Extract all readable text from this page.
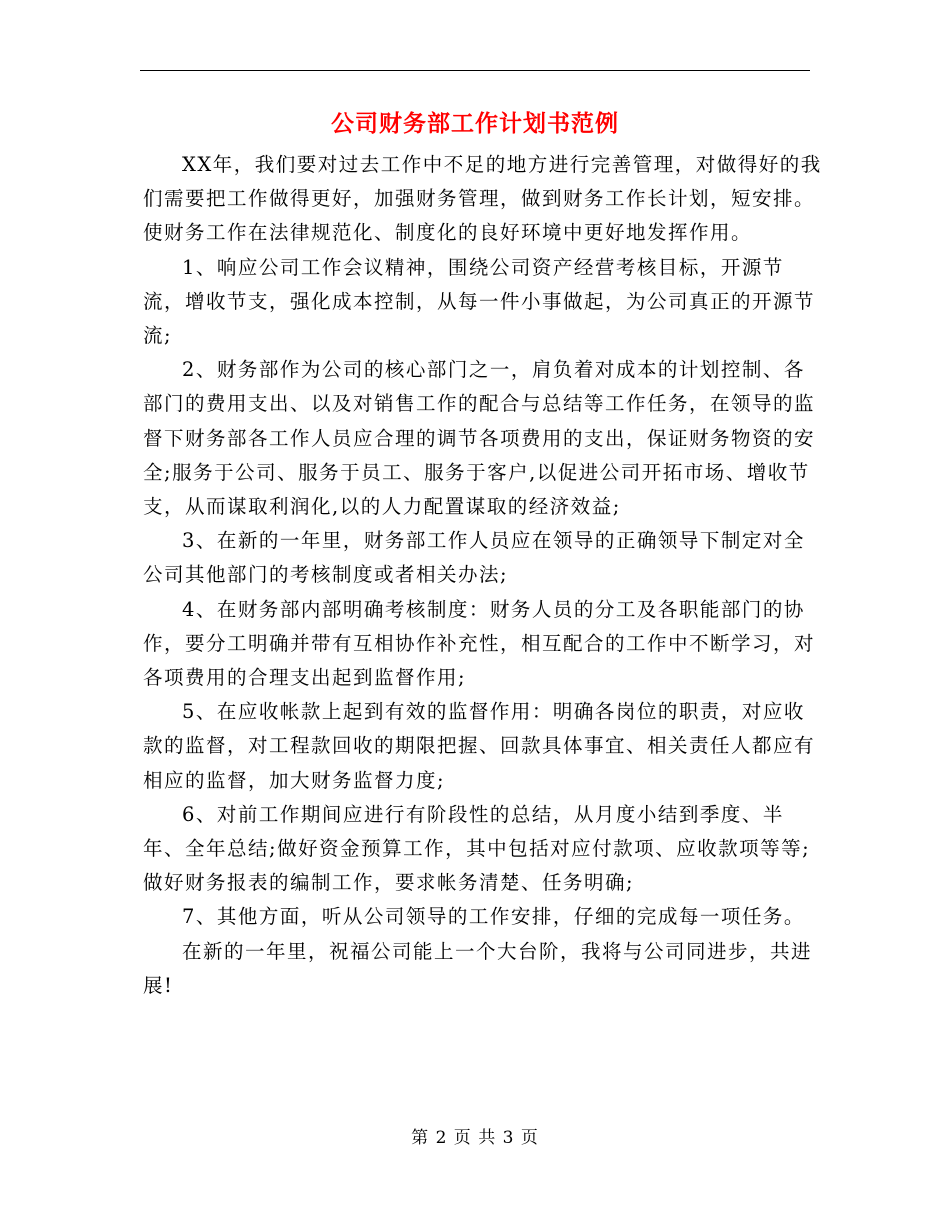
公司财务部工作计划书范例

XX年，我们要对过去工作中不足的地方进行完善管理，对做得好的我们需要把工作做得更好，加强财务管理，做到财务工作长计划，短安排。使财务工作在法律规范化、制度化的良好环境中更好地发挥作用。

1、响应公司工作会议精神，围绕公司资产经营考核目标，开源节流，增收节支，强化成本控制，从每一件小事做起，为公司真正的开源节流;

2、财务部作为公司的核心部门之一，肩负着对成本的计划控制、各部门的费用支出、以及对销售工作的配合与总结等工作任务，在领导的监督下财务部各工作人员应合理的调节各项费用的支出，保证财务物资的安全;服务于公司、服务于员工、服务于客户,以促进公司开拓市场、增收节支，从而谋取利润化,以的人力配置谋取的经济效益;

3、在新的一年里，财务部工作人员应在领导的正确领导下制定对全公司其他部门的考核制度或者相关办法;

4、在财务部内部明确考核制度：财务人员的分工及各职能部门的协作，要分工明确并带有互相协作补充性，相互配合的工作中不断学习，对各项费用的合理支出起到监督作用;

5、在应收帐款上起到有效的监督作用：明确各岗位的职责，对应收款的监督，对工程款回收的期限把握、回款具体事宜、相关责任人都应有相应的监督，加大财务监督力度;

6、对前工作期间应进行有阶段性的总结，从月度小结到季度、半年、全年总结;做好资金预算工作，其中包括对应付款项、应收款项等等;做好财务报表的编制工作，要求帐务清楚、任务明确;

7、其他方面，听从公司领导的工作安排，仔细的完成每一项任务。

在新的一年里，祝福公司能上一个大台阶，我将与公司同进步，共进展!

第 2 页 共 3 页
